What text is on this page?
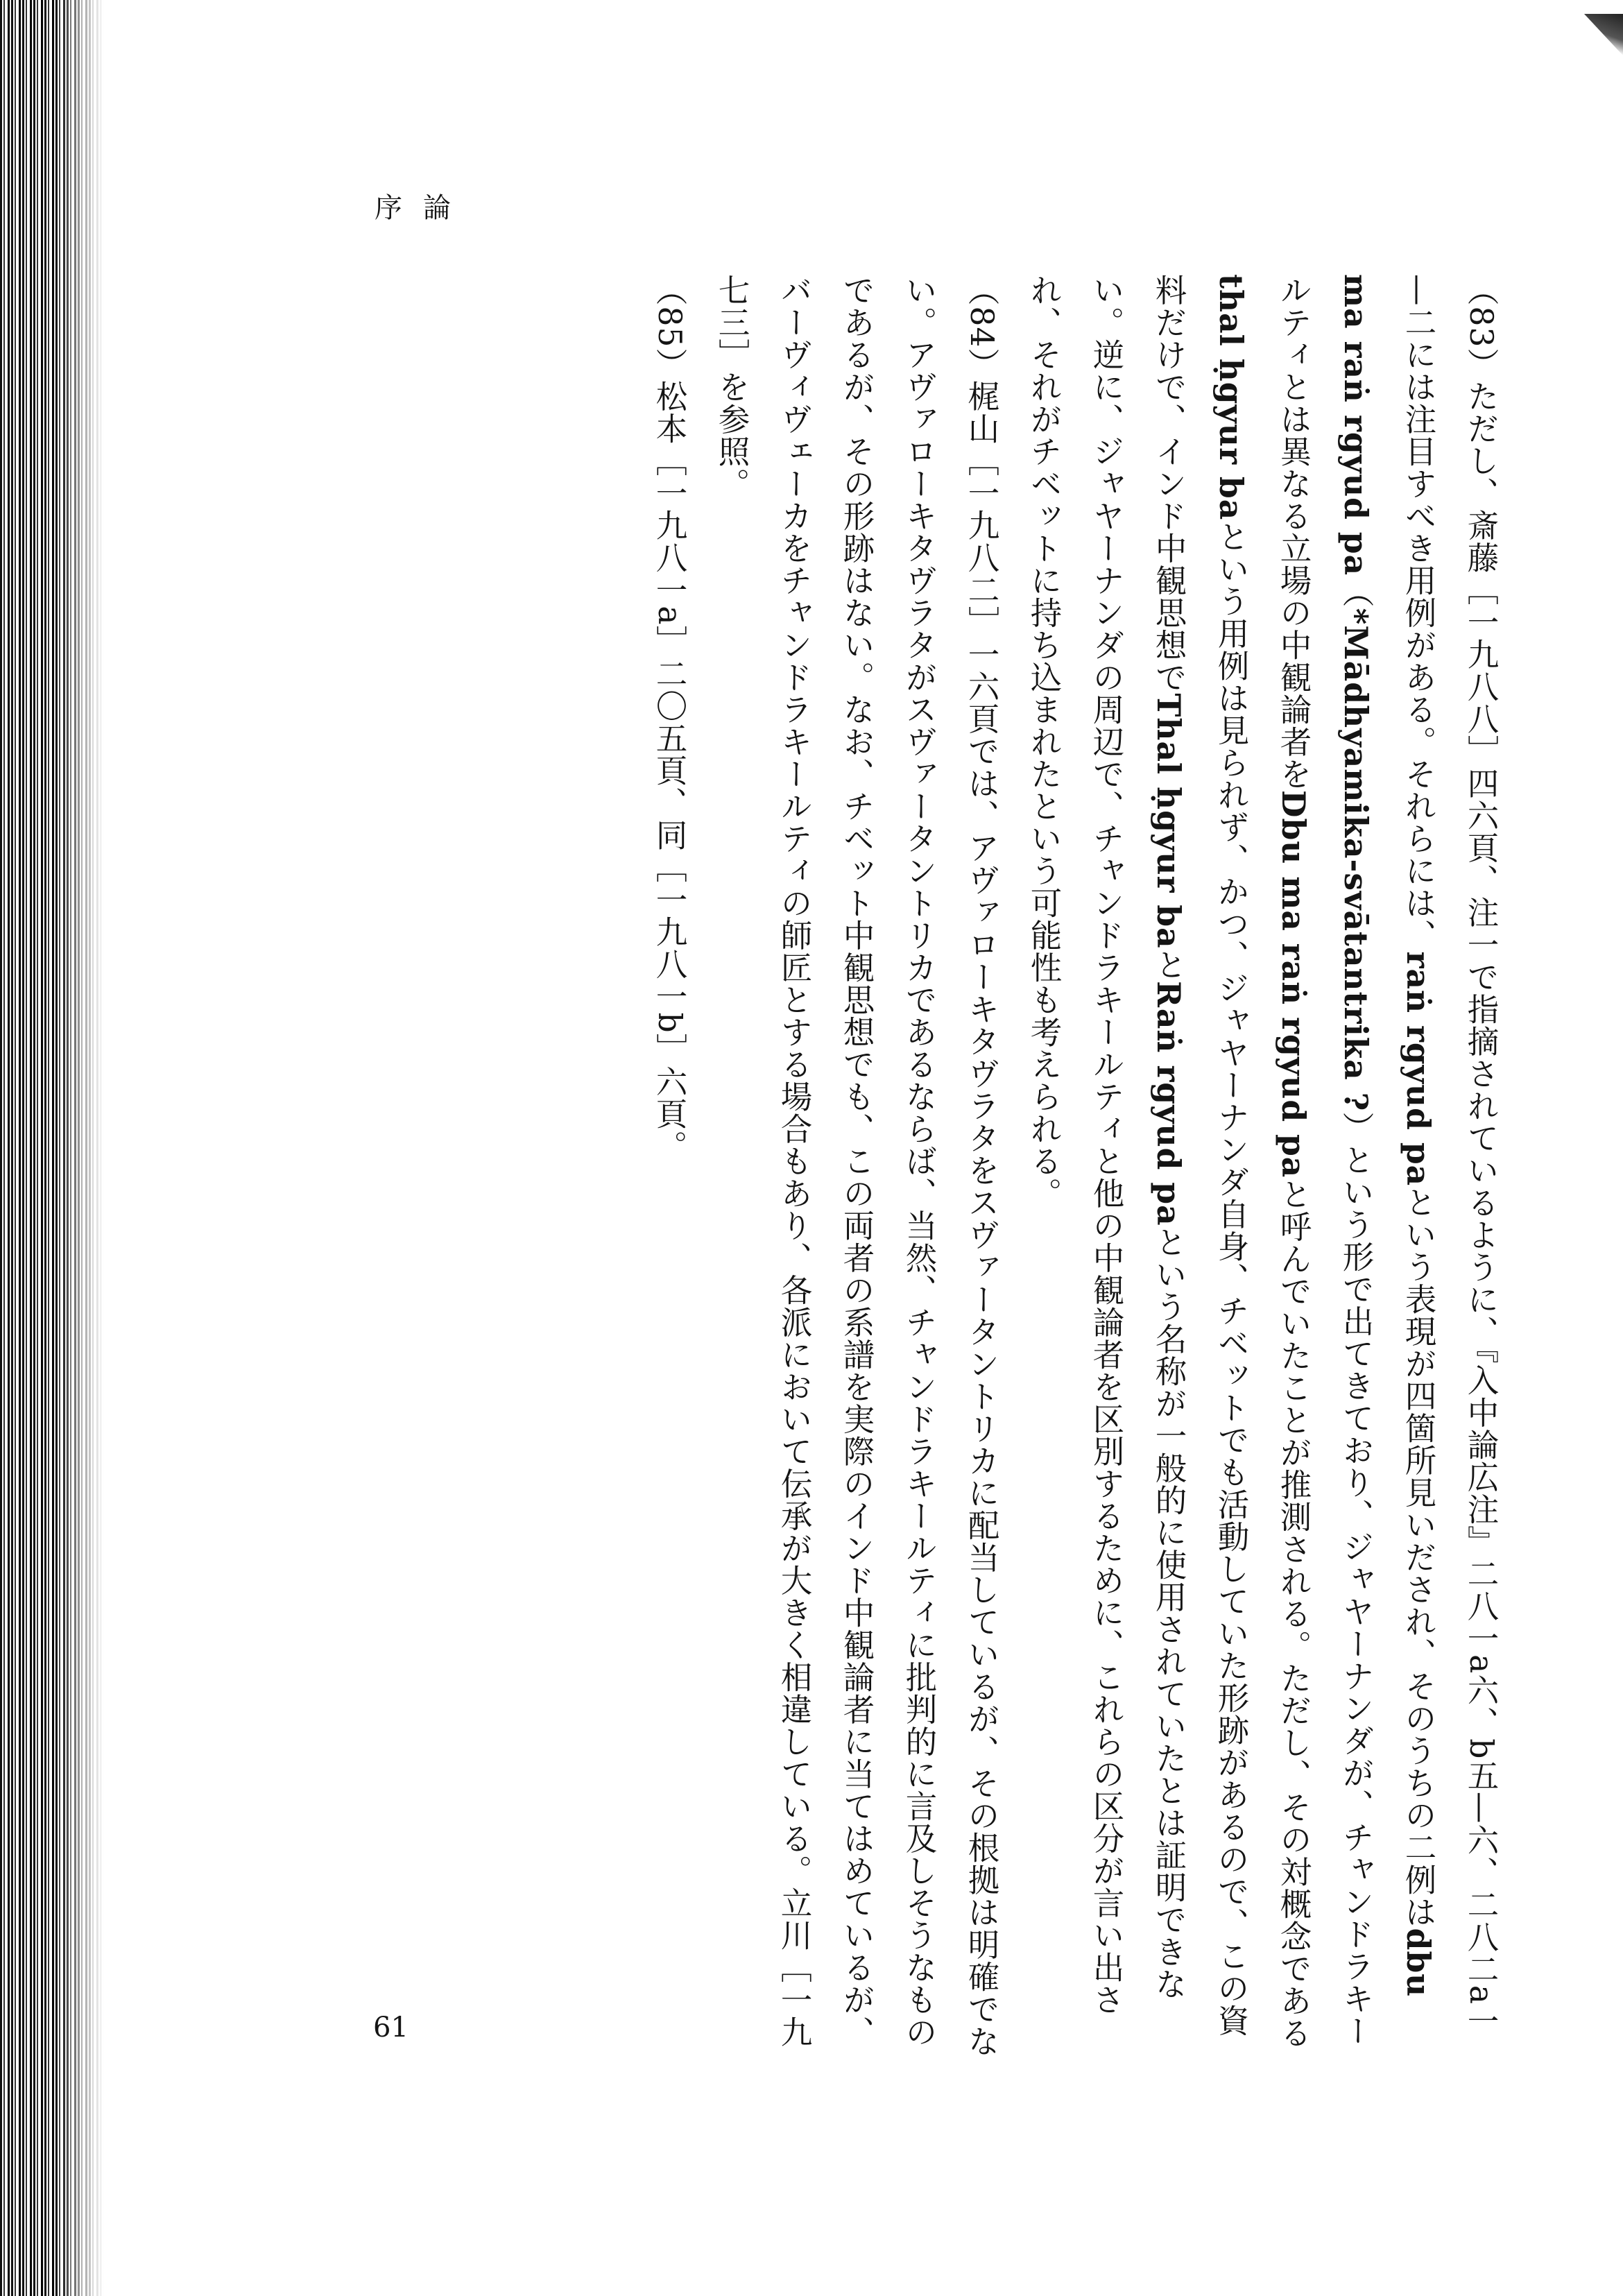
序論

（83）ただし、斎藤［一九八八］四六頁、注一で指摘されているように、『入中論広注』二八一a六、b五—六、二八二a一—二には注目すべき用例がある。それらには、raṅ rgyud paという表現が四箇所見いだされ、そのうちの二例はdbu ma raṅ rgyud pa（*Mādhyamika-svātantrika ?）という形で出てきており、ジャヤーナンダが、チャンドラキールティとは異なる立場の中観論者をDbu ma raṅ rgyud paと呼んでいたことが推測される。ただし、その対概念であるthal ḥgyur baという用例は見られず、かつ、ジャヤーナンダ自身、チベットでも活動していた形跡があるので、この資料だけで、インド中観思想でThal ḥgyur baとRaṅ rgyud paという名称が一般的に使用されていたとは証明できない。逆に、ジャヤーナンダの周辺で、チャンドラキールティと他の中観論者を区別するために、これらの区分が言い出され、それがチベットに持ち込まれたという可能性も考えられる。

（84）梶山［一九八二］一六頁では、アヴァローキタヴラタをスヴァータントリカに配当しているが、その根拠は明確でない。アヴァローキタヴラタがスヴァータントリカであるならば、当然、チャンドラキールティに批判的に言及しそうなものであるが、その形跡はない。なお、チベット中観思想でも、この両者の系譜を実際のインド中観論者に当てはめているが、バーヴィヴェーカをチャンドラキールティの師匠とする場合もあり、各派において伝承が大きく相違している。立川［一九七三］を参照。

（85）松本［一九八一a］二〇五頁、同［一九八一b］六頁。

61
